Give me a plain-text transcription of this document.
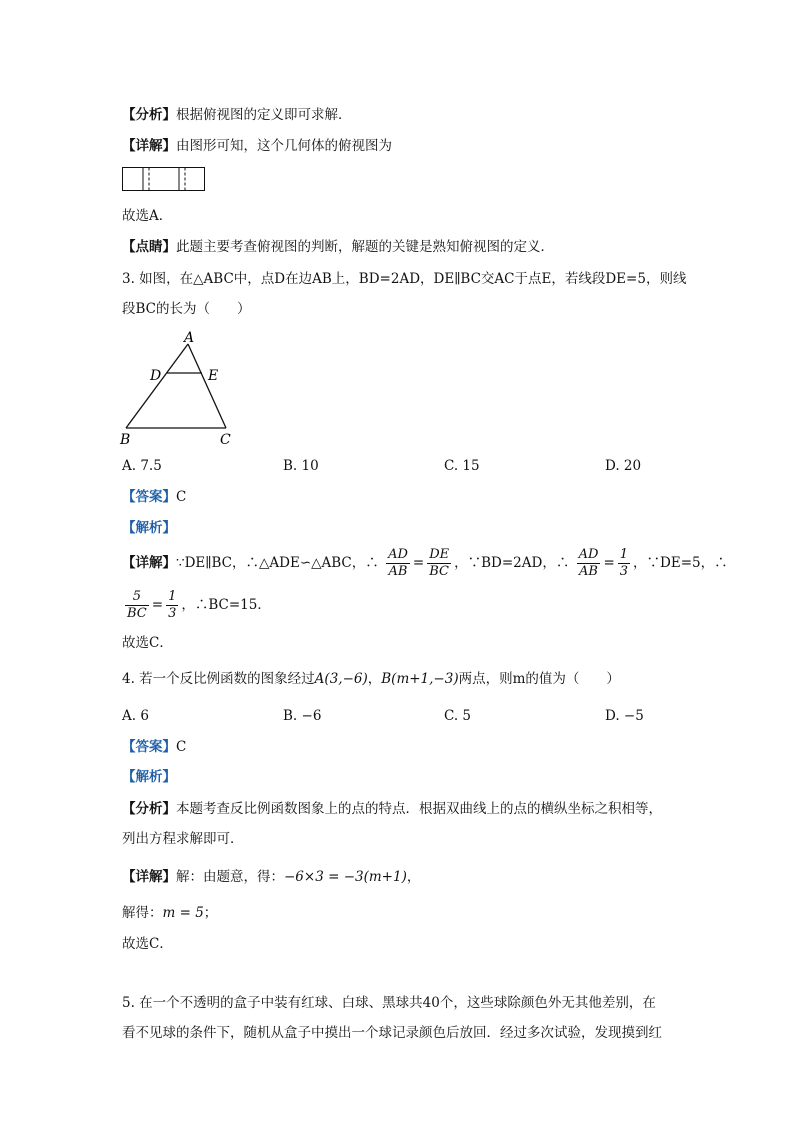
【分析】根据俯视图的定义即可求解．
【详解】由图形可知，这个几何体的俯视图为
故选A．
【点睛】此题主要考查俯视图的判断，解题的关键是熟知俯视图的定义．
3. 如图，在△ABC中，点D在边AB上，BD=2AD，DE∥BC交AC于点E，若线段DE=5，则线
段BC的长为（　　）
A
D	E
B	C
A. 7.5	B. 10	C. 15	D. 20
【答案】C
【解析】
【详解】∵DE∥BC，∴△ADE∽△ABC，∴ $\frac{AD}{AB} = \frac{DE}{BC}$ ，∵BD=2AD，∴ $\frac{AD}{AB} = \frac{1}{3}$ ，∵DE=5，∴
$\frac{5}{BC} = \frac{1}{3}$ ，∴BC=15．
故选C．
4. 若一个反比例函数的图象经过A(3,−6)，B(m+1,−3)两点，则m的值为（　　）
A. 6	B. −6	C. 5	D. −5
【答案】C
【解析】
【分析】本题考查反比例函数图象上的点的特点．根据双曲线上的点的横纵坐标之积相等，
列出方程求解即可．
【详解】解：由题意，得：−6×3 = −3(m+1)，
解得：m = 5；
故选C．
5. 在一个不透明的盒子中装有红球、白球、黑球共40个，这些球除颜色外无其他差别，在
看不见球的条件下，随机从盒子中摸出一个球记录颜色后放回．经过多次试验，发现摸到红
